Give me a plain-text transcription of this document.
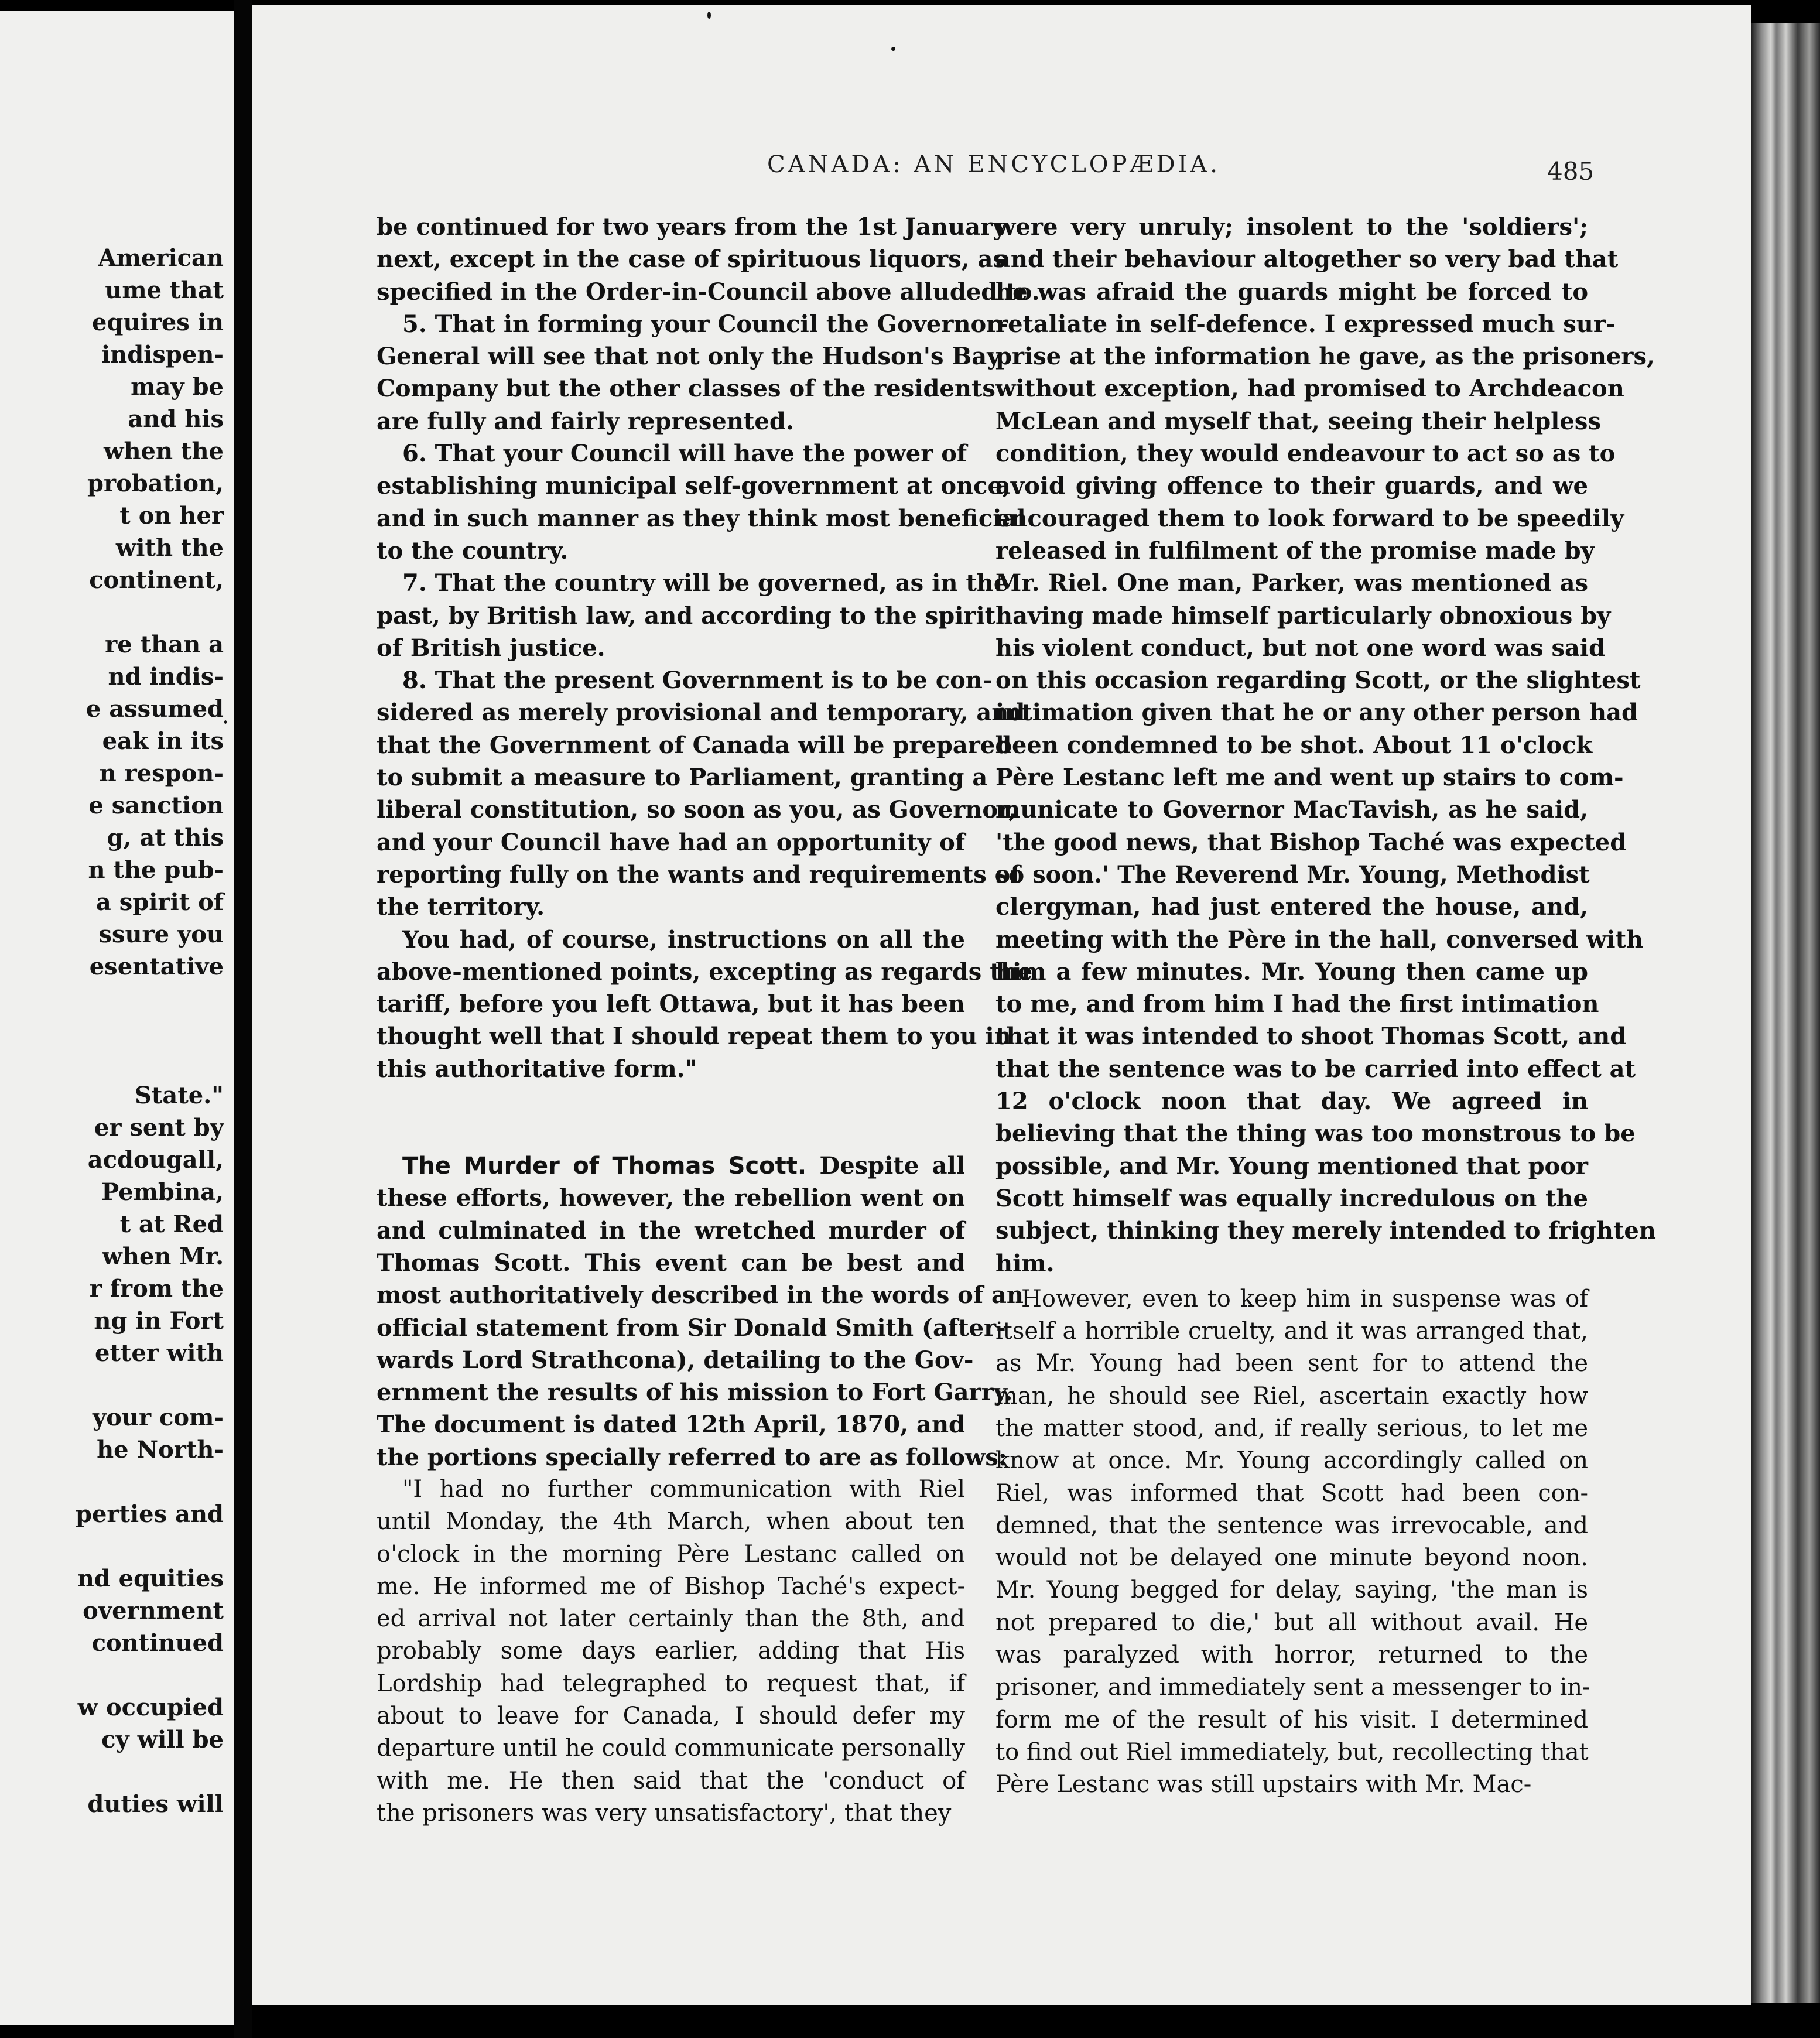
American
ume that
equires in
indispen-
may be
and his
when the
probation,
t on her
with the
continent,
re than a
nd indis-
e assumed
eak in its
n respon-
e sanction
g, at this
n the pub-
a spirit of
ssure you
esentative
State."
er sent by
acdougall,
Pembina,
t at Red
when Mr.
r from the
ng in Fort
etter with
your com-
he North-
perties and
nd equities
overnment
continued
w occupied
cy will be
duties will
CANADA: AN ENCYCLOPÆDIA.	485
be continued for two years from the 1st January
next, except in the case of spirituous liquors, as
specified in the Order-in-Council above alluded to.
5. That in forming your Council the Governor-
General will see that not only the Hudson's Bay
Company but the other classes of the residents
are fully and fairly represented.
6. That your Council will have the power of
establishing municipal self-government at once,
and in such manner as they think most beneficial
to the country.
7. That the country will be governed, as in the
past, by British law, and according to the spirit
of British justice.
8. That the present Government is to be con-
sidered as merely provisional and temporary, and
that the Government of Canada will be prepared
to submit a measure to Parliament, granting a
liberal constitution, so soon as you, as Governor,
and your Council have had an opportunity of
reporting fully on the wants and requirements of
the territory.
You had, of course, instructions on all the
above-mentioned points, excepting as regards the
tariff, before you left Ottawa, but it has been
thought well that I should repeat them to you in
this authoritative form."
The Murder of Thomas Scott. Despite all
these efforts, however, the rebellion went on
and culminated in the wretched murder of
Thomas Scott. This event can be best and
most authoritatively described in the words of an
official statement from Sir Donald Smith (after-
wards Lord Strathcona), detailing to the Gov-
ernment the results of his mission to Fort Garry.
The document is dated 12th April, 1870, and
the portions specially referred to are as follows:
"I had no further communication with Riel
until Monday, the 4th March, when about ten
o'clock in the morning Père Lestanc called on
me. He informed me of Bishop Taché's expect-
ed arrival not later certainly than the 8th, and
probably some days earlier, adding that His
Lordship had telegraphed to request that, if
about to leave for Canada, I should defer my
departure until he could communicate personally
with me. He then said that the 'conduct of
the prisoners was very unsatisfactory', that they
were very unruly; insolent to the 'soldiers';
and their behaviour altogether so very bad that
he was afraid the guards might be forced to
retaliate in self-defence. I expressed much sur-
prise at the information he gave, as the prisoners,
without exception, had promised to Archdeacon
McLean and myself that, seeing their helpless
condition, they would endeavour to act so as to
avoid giving offence to their guards, and we
encouraged them to look forward to be speedily
released in fulfilment of the promise made by
Mr. Riel. One man, Parker, was mentioned as
having made himself particularly obnoxious by
his violent conduct, but not one word was said
on this occasion regarding Scott, or the slightest
intimation given that he or any other person had
been condemned to be shot. About 11 o'clock
Père Lestanc left me and went up stairs to com-
municate to Governor MacTavish, as he said,
'the good news, that Bishop Taché was expected
so soon.' The Reverend Mr. Young, Methodist
clergyman, had just entered the house, and,
meeting with the Père in the hall, conversed with
him a few minutes. Mr. Young then came up
to me, and from him I had the first intimation
that it was intended to shoot Thomas Scott, and
that the sentence was to be carried into effect at
12 o'clock noon that day. We agreed in
believing that the thing was too monstrous to be
possible, and Mr. Young mentioned that poor
Scott himself was equally incredulous on the
subject, thinking they merely intended to frighten
him.
However, even to keep him in suspense was of
itself a horrible cruelty, and it was arranged that,
as Mr. Young had been sent for to attend the
man, he should see Riel, ascertain exactly how
the matter stood, and, if really serious, to let me
know at once. Mr. Young accordingly called on
Riel, was informed that Scott had been con-
demned, that the sentence was irrevocable, and
would not be delayed one minute beyond noon.
Mr. Young begged for delay, saying, 'the man is
not prepared to die,' but all without avail. He
was paralyzed with horror, returned to the
prisoner, and immediately sent a messenger to in-
form me of the result of his visit. I determined
to find out Riel immediately, but, recollecting that
Père Lestanc was still upstairs with Mr. Mac-
